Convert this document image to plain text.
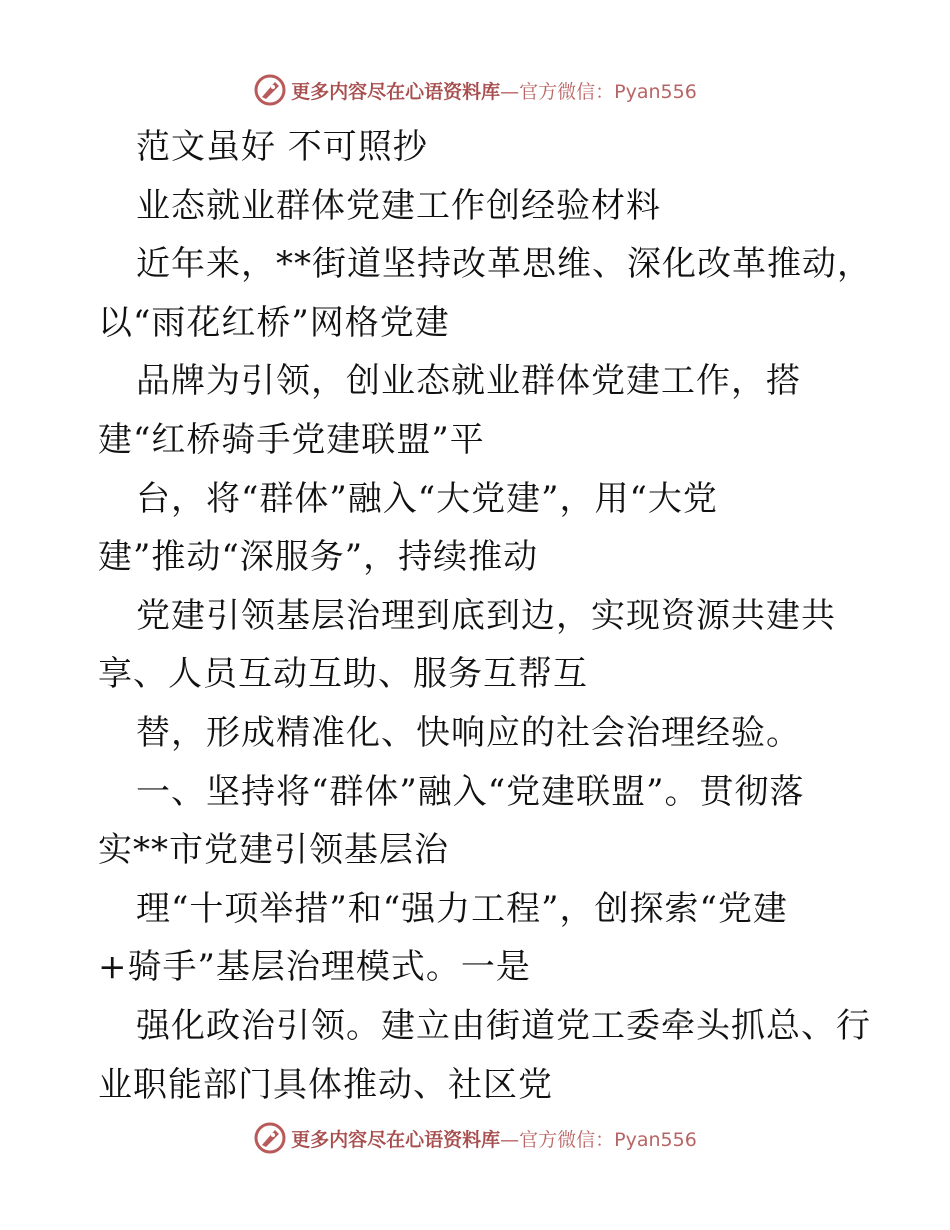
更多内容尽在心语资料库—官方微信：Pyan556
范文虽好 不可照抄
业态就业群体党建工作创经验材料
近年来，**街道坚持改革思维、深化改革推动，
以“雨花红桥”网格党建
品牌为引领，创业态就业群体党建工作，搭
建“红桥骑手党建联盟”平
台，将“群体”融入“大党建”，用“大党
建”推动“深服务”，持续推动
党建引领基层治理到底到边，实现资源共建共
享、人员互动互助、服务互帮互
替，形成精准化、快响应的社会治理经验。
一、坚持将“群体”融入“党建联盟”。贯彻落
实**市党建引领基层治
理“十项举措”和“强力工程”，创探索“党建
+骑手”基层治理模式。一是
强化政治引领。建立由街道党工委牵头抓总、行
业职能部门具体推动、社区党
更多内容尽在心语资料库—官方微信：Pyan556
